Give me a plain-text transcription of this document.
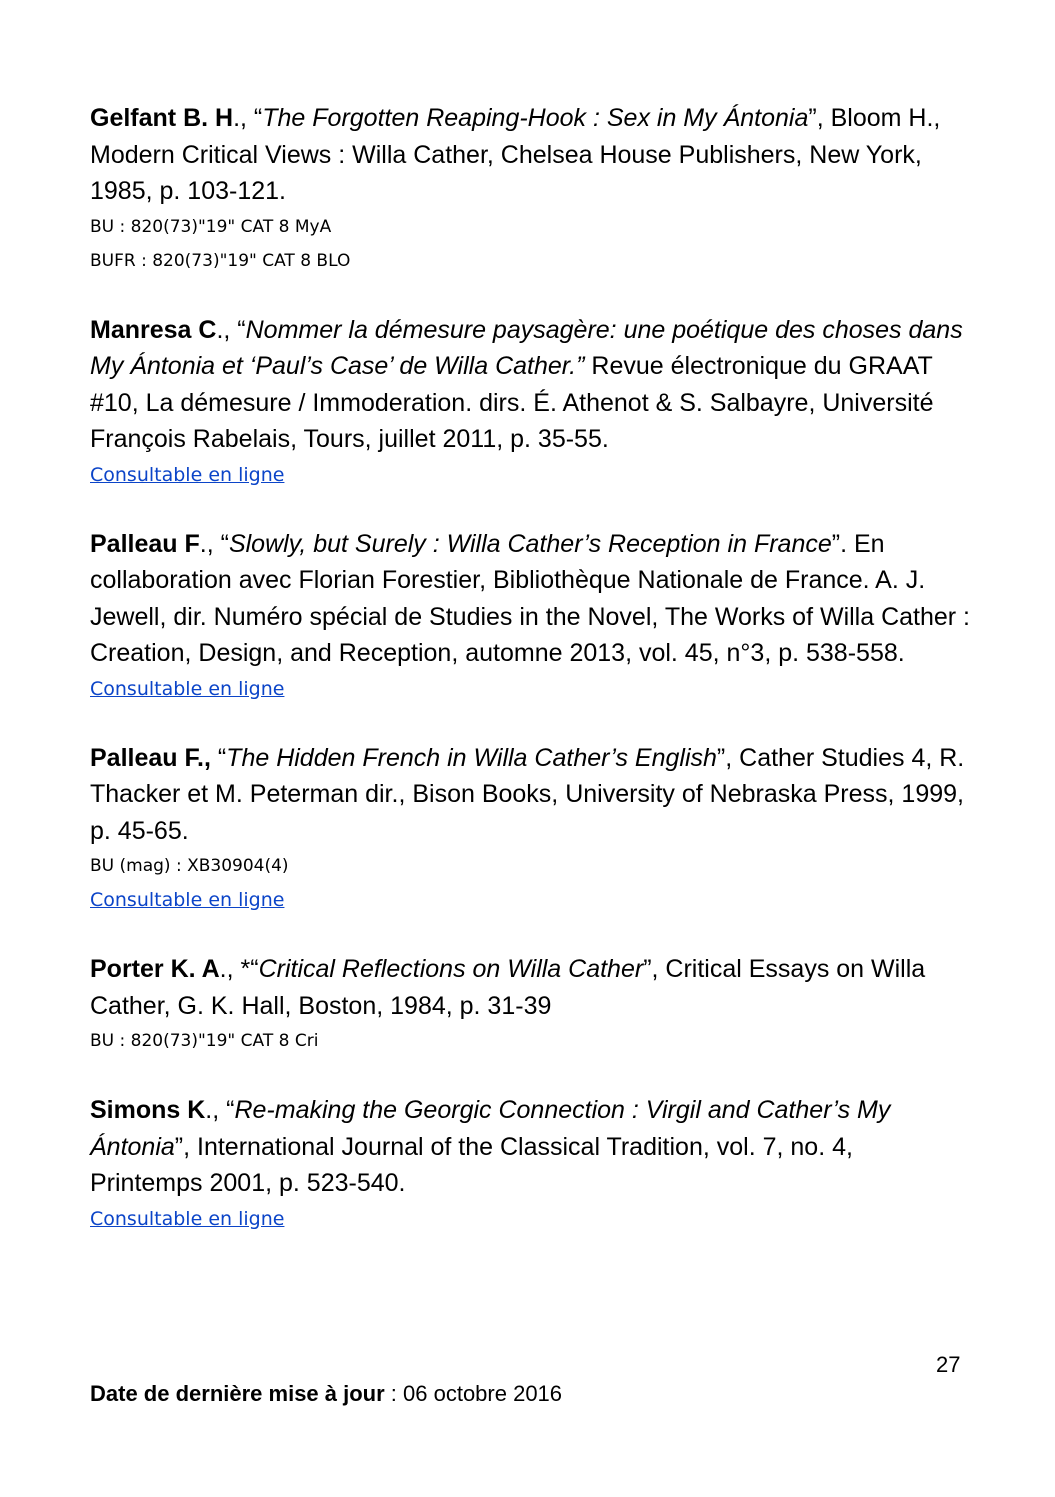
Gelfant B. H., “The Forgotten Reaping-Hook : Sex in My Ántonia”, Bloom H., Modern Critical Views : Willa Cather, Chelsea House Publishers, New York, 1985, p. 103-121.

BU : 820(73)"19" CAT 8 MyA
BUFR : 820(73)"19" CAT 8 BLO

Manresa C., “Nommer la démesure paysagère: une poétique des choses dans My Ántonia et ‘Paul’s Case’ de Willa Cather.” Revue électronique du GRAAT #10, La démesure / Immoderation. dirs. É. Athenot & S. Salbayre, Université François Rabelais, Tours, juillet 2011, p. 35-55.

Consultable en ligne

Palleau F., “Slowly, but Surely : Willa Cather’s Reception in France”. En collaboration avec Florian Forestier, Bibliothèque Nationale de France. A. J. Jewell, dir. Numéro spécial de Studies in the Novel, The Works of Willa Cather : Creation, Design, and Reception, automne 2013, vol. 45, n°3, p. 538-558.

Consultable en ligne

Palleau F., “The Hidden French in Willa Cather’s English”, Cather Studies 4, R. Thacker et M. Peterman dir., Bison Books, University of Nebraska Press, 1999, p. 45-65.

BU (mag) : XB30904(4)
Consultable en ligne

Porter K. A., *“Critical Reflections on Willa Cather”, Critical Essays on Willa Cather, G. K. Hall, Boston, 1984, p. 31-39

BU : 820(73)"19" CAT 8 Cri

Simons K., “Re-making the Georgic Connection : Virgil and Cather’s My Ántonia”, International Journal of the Classical Tradition, vol. 7, no. 4, Printemps 2001, p. 523-540.

Consultable en ligne
27
Date de dernière mise à jour : 06 octobre 2016
